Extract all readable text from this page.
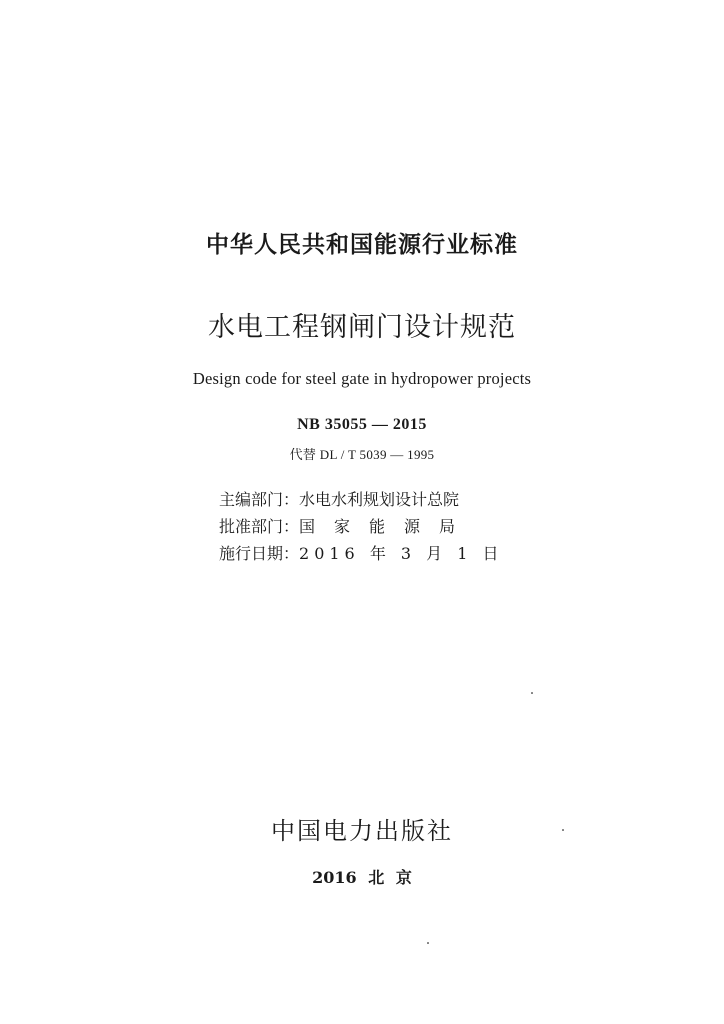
中华人民共和国能源行业标准
水电工程钢闸门设计规范
Design code for steel gate in hydropower projects
NB 35055 — 2015
代替 DL / T 5039 — 1995
主编部门： 水电水利规划设计总院
批准部门： 国家能源局
施行日期： 2016 年 3 月 1 日
中国电力出版社
2016 北 京
